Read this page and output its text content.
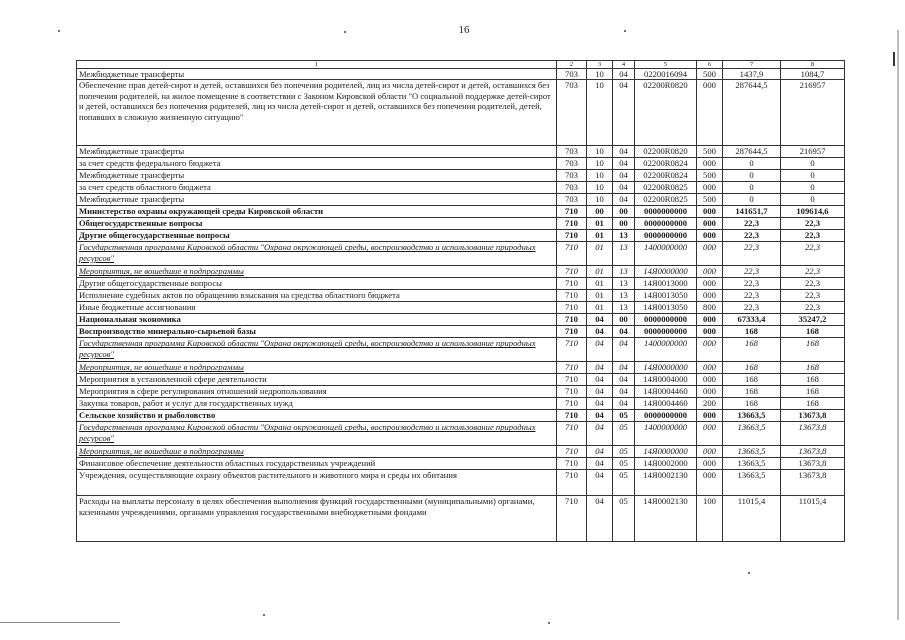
16
1	2	3	4	5	6	7	8
Межбюджетные трансферты	703	10	04	0220016094	500	1437,9	1084,7
Обеспечение прав детей-сирот и детей, оставшихся без попечения родителей, лиц из числа детей-сирот и детей, оставшихся без попечения родителей, на жилое помещение в соответствии с Законом Кировской области "О социальной поддержке детей-сирот и детей, оставшихся без попечения родителей, лиц из числа детей-сирот и детей, оставшихся без попечения родителей, детей, попавших в сложную жизненную ситуацию"	703	10	04	02200R0820	000	287644,5	216957
Межбюджетные трансферты	703	10	04	02200R0820	500	287644,5	216957
за счет средств федерального бюджета	703	10	04	02200R0824	000	0	0
Межбюджетные трансферты	703	10	04	02200R0824	500	0	0
за счет средств областного бюджета	703	10	04	02200R0825	000	0	0
Межбюджетные трансферты	703	10	04	02200R0825	500	0	0
Министерство охраны окружающей среды Кировской области	710	00	00	0000000000	000	141651,7	109614,6
Общегосударственные вопросы	710	01	00	0000000000	000	22,3	22,3
Другие общегосударственные вопросы	710	01	13	0000000000	000	22,3	22,3
Государственная программа Кировской области "Охрана окружающей среды, воспроизводство и использование природных ресурсов"	710	01	13	1400000000	000	22,3	22,3
Мероприятия, не вошедшие в подпрограммы	710	01	13	14Я0000000	000	22,3	22,3
Другие общегосударственные вопросы	710	01	13	14Я0013000	000	22,3	22,3
Исполнение судебных актов по обращению взыскания на средства областного бюджета	710	01	13	14Я0013050	000	22,3	22,3
Иные бюджетные ассигнования	710	01	13	14Я0013050	800	22,3	22,3
Национальная экономика	710	04	00	0000000000	000	67333,4	35247,2
Воспроизводство минерально-сырьевой базы	710	04	04	0000000000	000	168	168
Государственная программа Кировской области "Охрана окружающей среды, воспроизводство и использование природных ресурсов"	710	04	04	1400000000	000	168	168
Мероприятия, не вошедшие в подпрограммы	710	04	04	14Я0000000	000	168	168
Мероприятия в установленной сфере деятельности	710	04	04	14Я0004000	000	168	168
Мероприятия в сфере регулирования отношений недропользования	710	04	04	14Я0004460	000	168	168
Закупка товаров, работ и услуг для государственных нужд	710	04	04	14Я0004460	200	168	168
Сельское хозяйство и рыболовство	710	04	05	0000000000	000	13663,5	13673,8
Государственная программа Кировской области "Охрана окружающей среды, воспроизводство и использование природных ресурсов"	710	04	05	1400000000	000	13663,5	13673,8
Мероприятия, не вошедшие в подпрограммы	710	04	05	14Я0000000	000	13663,5	13673,8
Финансовое обеспечение деятельности областных государственных учреждений	710	04	05	14Я0002000	000	13663,5	13673,8
Учреждения, осуществляющие охрану объектов растительного и животного мира и среды их обитания	710	04	05	14Я0002130	000	13663,5	13673,8
Расходы на выплаты персоналу в целях обеспечения выполнения функций государственными (муниципальными) органами, казенными учреждениями, органами управления государственными внебюджетными фондами	710	04	05	14Я0002130	100	11015,4	11015,4
